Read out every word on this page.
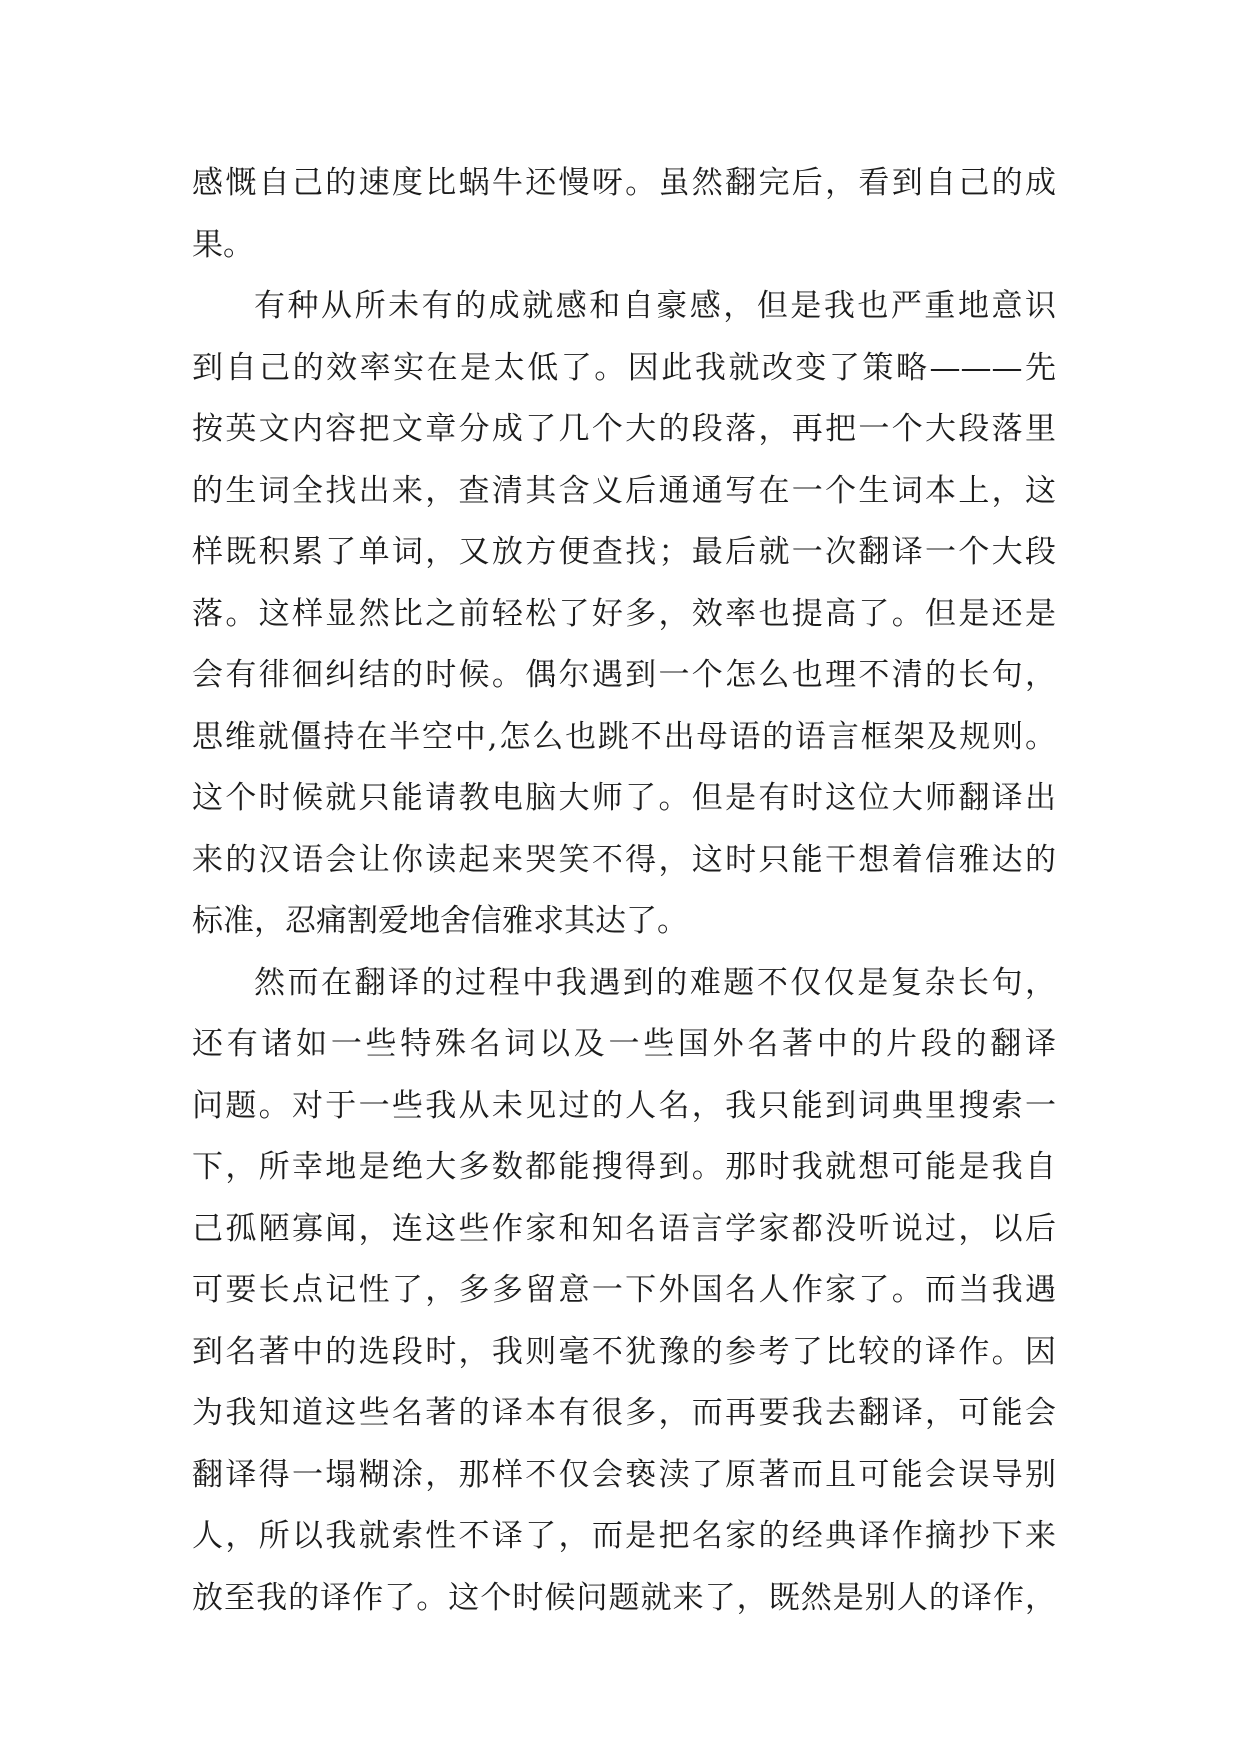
感慨自己的速度比蜗牛还慢呀。虽然翻完后，看到自己的成
果。
有种从所未有的成就感和自豪感，但是我也严重地意识
到自己的效率实在是太低了。因此我就改变了策略———先
按英文内容把文章分成了几个大的段落，再把一个大段落里
的生词全找出来，查清其含义后通通写在一个生词本上，这
样既积累了单词，又放方便查找；最后就一次翻译一个大段
落。这样显然比之前轻松了好多，效率也提高了。但是还是
会有徘徊纠结的时候。偶尔遇到一个怎么也理不清的长句，
思维就僵持在半空中,怎么也跳不出母语的语言框架及规则。
这个时候就只能请教电脑大师了。但是有时这位大师翻译出
来的汉语会让你读起来哭笑不得，这时只能干想着信雅达的
标准，忍痛割爱地舍信雅求其达了。
然而在翻译的过程中我遇到的难题不仅仅是复杂长句，
还有诸如一些特殊名词以及一些国外名著中的片段的翻译
问题。对于一些我从未见过的人名，我只能到词典里搜索一
下，所幸地是绝大多数都能搜得到。那时我就想可能是我自
己孤陋寡闻，连这些作家和知名语言学家都没听说过，以后
可要长点记性了，多多留意一下外国名人作家了。而当我遇
到名著中的选段时，我则毫不犹豫的参考了比较的译作。因
为我知道这些名著的译本有很多，而再要我去翻译，可能会
翻译得一塌糊涂，那样不仅会亵渎了原著而且可能会误导别
人，所以我就索性不译了，而是把名家的经典译作摘抄下来
放至我的译作了。这个时候问题就来了，既然是别人的译作，
